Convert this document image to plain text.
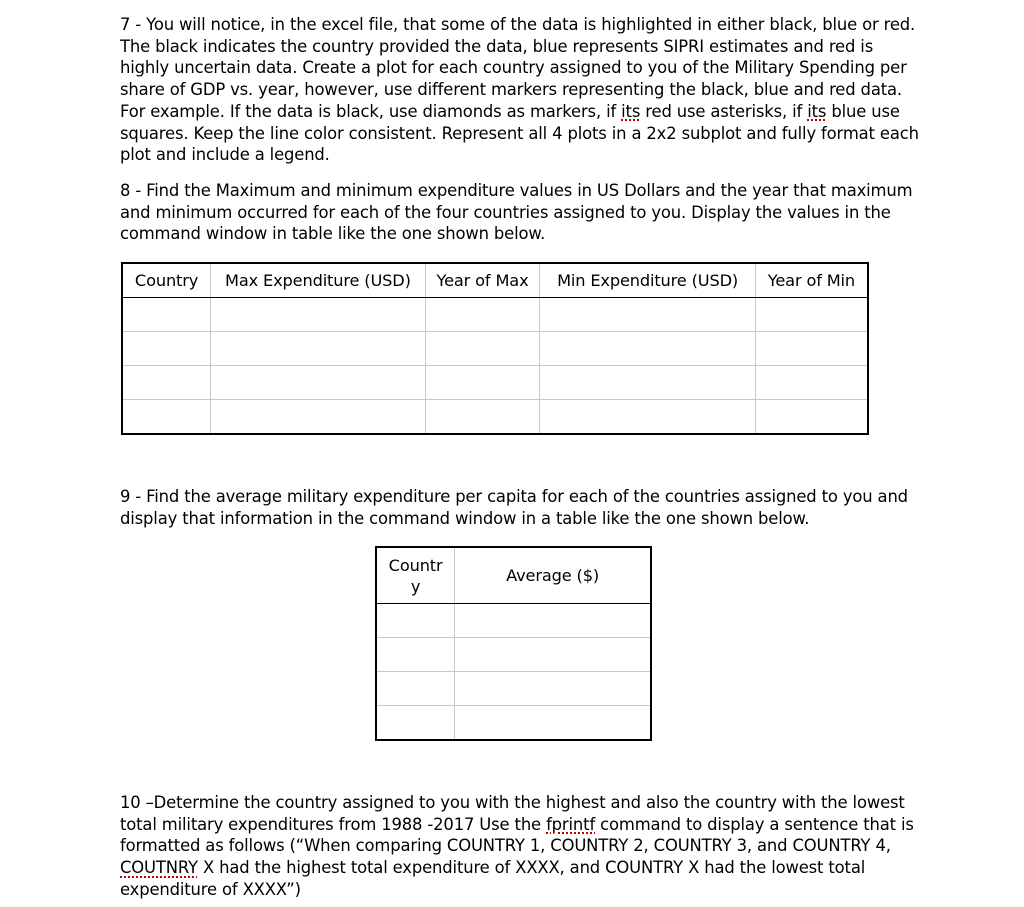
7 - You will notice, in the excel file, that some of the data is highlighted in either black, blue or red. The black indicates the country provided the data, blue represents SIPRI estimates and red is highly uncertain data. Create a plot for each country assigned to you of the Military Spending per share of GDP vs. year, however, use different markers representing the black, blue and red data. For example. If the data is black, use diamonds as markers, if its red use asterisks, if its blue use squares. Keep the line color consistent. Represent all 4 plots in a 2x2 subplot and fully format each plot and include a legend.

8 - Find the Maximum and minimum expenditure values in US Dollars and the year that maximum and minimum occurred for each of the four countries assigned to you. Display the values in the command window in table like the one shown below.

Country	Max Expenditure (USD)	Year of Max	Min Expenditure (USD)	Year of Min

9 - Find the average military expenditure per capita for each of the countries assigned to you and display that information in the command window in a table like the one shown below.

Countr
y	Average ($)

10 –Determine the country assigned to you with the highest and also the country with the lowest total military expenditures from 1988 -2017 Use the fprintf command to display a sentence that is formatted as follows (“When comparing COUNTRY 1, COUNTRY 2, COUNTRY 3, and COUNTRY 4, COUTNRY X had the highest total expenditure of XXXX, and COUNTRY X had the lowest total expenditure of XXXX”)
